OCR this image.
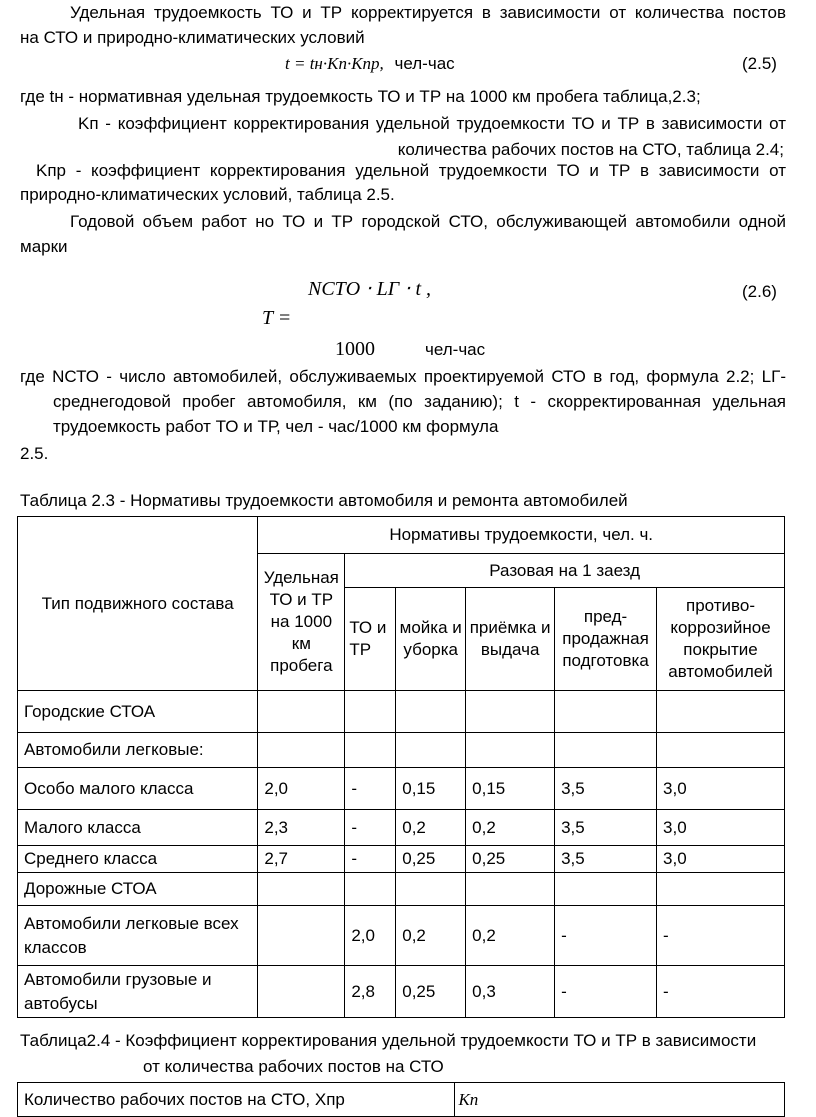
Удельная трудоемкость ТО и ТР корректируется в зависимости от количества постов
на СТО и природно-климатических условий
t = tн·Kп·Kпр, чел-час	(2.5)
где tн - нормативная удельная трудоемкость ТО и ТР на 1000 км пробега таблица,2.3;
Kп - коэффициент корректирования удельной трудоемкости ТО и ТР в зависимости от
количества рабочих постов на СТО, таблица 2.4;
Kпр - коэффициент корректирования удельной трудоемкости ТО и ТР в зависимости от
природно-климатических условий, таблица 2.5.
Годовой объем работ но ТО и ТР городской СТО, обслуживающей автомобили одной
марки
NСТО ⋅ LГ ⋅ t ,
T =
1000	чел-час
(2.6)
где NСТО - число автомобилей, обслуживаемых проектируемой СТО в год, формула 2.2; LГ-
среднегодовой пробег автомобиля, км (по заданию); t - скорректированная удельная
трудоемкость работ ТО и ТР, чел - час/1000 км формула
2.5.
Таблица 2.3 - Нормативы трудоемкости автомобиля и ремонта автомобилей
Тип подвижного состава	Нормативы трудоемкости, чел. ч.					
	Удельная ТО и ТР на 1000 км пробега	Разовая на 1 заезд				
		ТО и ТР	мойка и уборка	приёмка и выдача	пред-продажная подготовка	противо-коррозийное покрытие автомобилей

Городские СТОА						
Автомобили легковые:						
Особо малого класса	2,0	-	0,15	0,15	3,5	3,0
Малого класса	2,3	-	0,2	0,2	3,5	3,0
Среднего класса	2,7	-	0,25	0,25	3,5	3,0
Дорожные СТОА						
Автомобили легковые всех классов		2,0	0,2	0,2	-	-
Автомобили грузовые и автобусы		2,8	0,25	0,3	-	-
Таблица2.4 - Коэффициент корректирования удельной трудоемкости ТО и ТР в зависимости
от количества рабочих постов на СТО
Количество рабочих постов на СТО, Xпр	Kп
